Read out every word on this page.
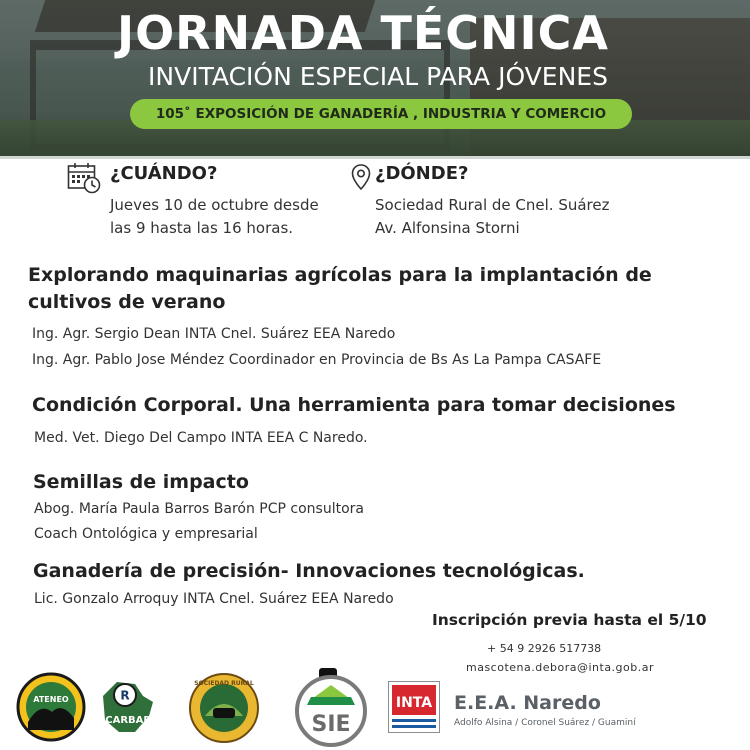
JORNADA TÉCNICA
INVITACIÓN ESPECIAL PARA JÓVENES
105˚ EXPOSICIÓN DE GANADERÍA , INDUSTRIA Y COMERCIO
¿CUÁNDO?
Jueves 10 de octubre desde
las 9 hasta las 16 horas.
¿DÓNDE?
Sociedad Rural de Cnel. Suárez
Av. Alfonsina Storni
Explorando maquinarias agrícolas para la implantación de
cultivos de verano
Ing. Agr. Sergio Dean INTA Cnel. Suárez EEA Naredo
Ing. Agr. Pablo Jose Méndez Coordinador en Provincia de Bs As La Pampa CASAFE
Condición Corporal. Una herramienta para tomar decisiones
Med. Vet. Diego Del Campo INTA EEA C Naredo.
Semillas de impacto
Abog. María Paula Barros Barón PCP consultora
Coach Ontológica y empresarial
Ganadería de precisión- Innovaciones tecnológicas.
Lic. Gonzalo Arroquy INTA Cnel. Suárez EEA Naredo
Inscripción previa hasta el 5/10
+ 54 9 2926 517738
mascotena.debora@inta.gob.ar
ATENEO	R
CARBAP
SOCIEDAD RURAL
SIE
INTA E.E.A. Naredo
Adolfo Alsina / Coronel Suárez / Guaminí
